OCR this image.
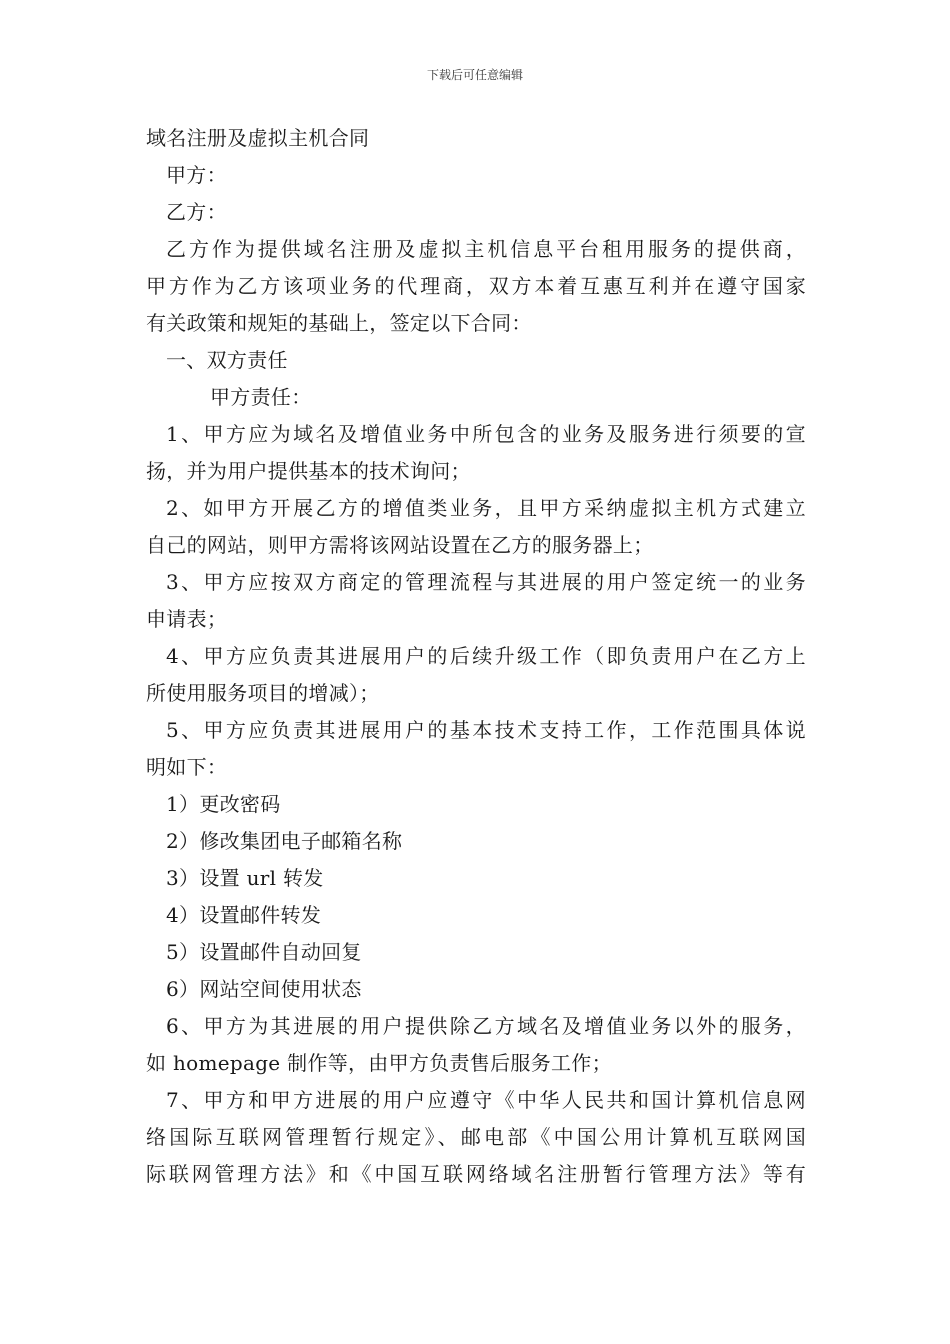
下载后可任意编辑
域名注册及虚拟主机合同
甲方：
乙方：
乙方作为提供域名注册及虚拟主机信息平台租用服务的提供商，
甲方作为乙方该项业务的代理商，双方本着互惠互利并在遵守国家
有关政策和规矩的基础上，签定以下合同：
一、双方责任
甲方责任：
1、甲方应为域名及增值业务中所包含的业务及服务进行须要的宣
扬，并为用户提供基本的技术询问；
2、如甲方开展乙方的增值类业务，且甲方采纳虚拟主机方式建立
自己的网站，则甲方需将该网站设置在乙方的服务器上；
3、甲方应按双方商定的管理流程与其进展的用户签定统一的业务
申请表；
4、甲方应负责其进展用户的后续升级工作（即负责用户在乙方上
所使用服务项目的增减）；
5、甲方应负责其进展用户的基本技术支持工作，工作范围具体说
明如下：
1）更改密码
2）修改集团电子邮箱名称
3）设置 url 转发
4）设置邮件转发
5）设置邮件自动回复
6）网站空间使用状态
6、甲方为其进展的用户提供除乙方域名及增值业务以外的服务，
如 homepage 制作等，由甲方负责售后服务工作；
7、甲方和甲方进展的用户应遵守《中华人民共和国计算机信息网
络国际互联网管理暂行规定》、邮电部《中国公用计算机互联网国
际联网管理方法》和《中国互联网络域名注册暂行管理方法》等有
